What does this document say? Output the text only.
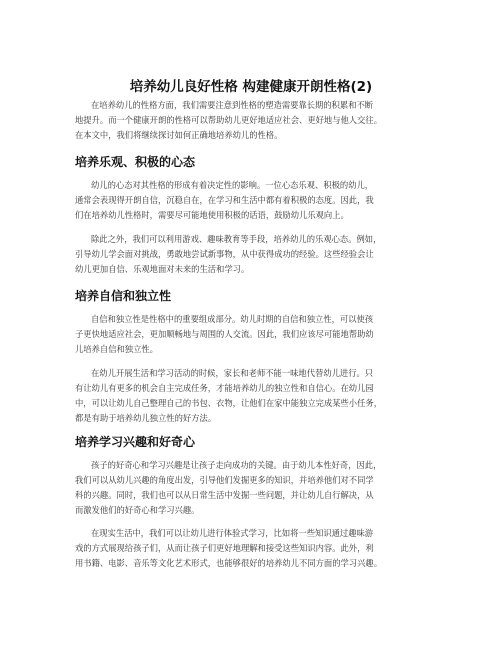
培养幼儿良好性格 构建健康开朗性格(2)
在培养幼儿的性格方面，我们需要注意到性格的塑造需要靠长期的积累和不断
地提升。而一个健康开朗的性格可以帮助幼儿更好地适应社会、更好地与他人交往。
在本文中，我们将继续探讨如何正确地培养幼儿的性格。
培养乐观、积极的心态
幼儿的心态对其性格的形成有着决定性的影响。一位心态乐观、积极的幼儿，
通常会表现得开朗自信，沉稳自在，在学习和生活中都有着积极的态度。因此，我
们在培养幼儿性格时，需要尽可能地使用积极的话语，鼓励幼儿乐观向上。
除此之外，我们可以利用游戏、趣味教育等手段，培养幼儿的乐观心态。例如，
引导幼儿学会面对挑战，勇敢地尝试新事物，从中获得成功的经验。这些经验会让
幼儿更加自信、乐观地面对未来的生活和学习。
培养自信和独立性
自信和独立性是性格中的重要组成部分。幼儿时期的自信和独立性，可以使孩
子更快地适应社会，更加顺畅地与周围的人交流。因此，我们应该尽可能地帮助幼
儿培养自信和独立性。
在幼儿开展生活和学习活动的时候，家长和老师不能一味地代替幼儿进行。只
有让幼儿有更多的机会自主完成任务，才能培养幼儿的独立性和自信心。在幼儿园
中，可以让幼儿自己整理自己的书包、衣物，让他们在家中能独立完成某些小任务，
都是有助于培养幼儿独立性的好方法。
培养学习兴趣和好奇心
孩子的好奇心和学习兴趣是让孩子走向成功的关键。由于幼儿本性好奇，因此，
我们可以从幼儿兴趣的角度出发，引导他们发掘更多的知识，并培养他们对不同学
科的兴趣。同时，我们也可以从日常生活中发掘一些问题，并让幼儿自行解决，从
而激发他们的好奇心和学习兴趣。
在现实生活中，我们可以让幼儿进行体验式学习，比如将一些知识通过趣味游
戏的方式展现给孩子们，从而让孩子们更好地理解和接受这些知识内容。此外，利
用书籍、电影、音乐等文化艺术形式，也能够很好的培养幼儿不同方面的学习兴趣。
